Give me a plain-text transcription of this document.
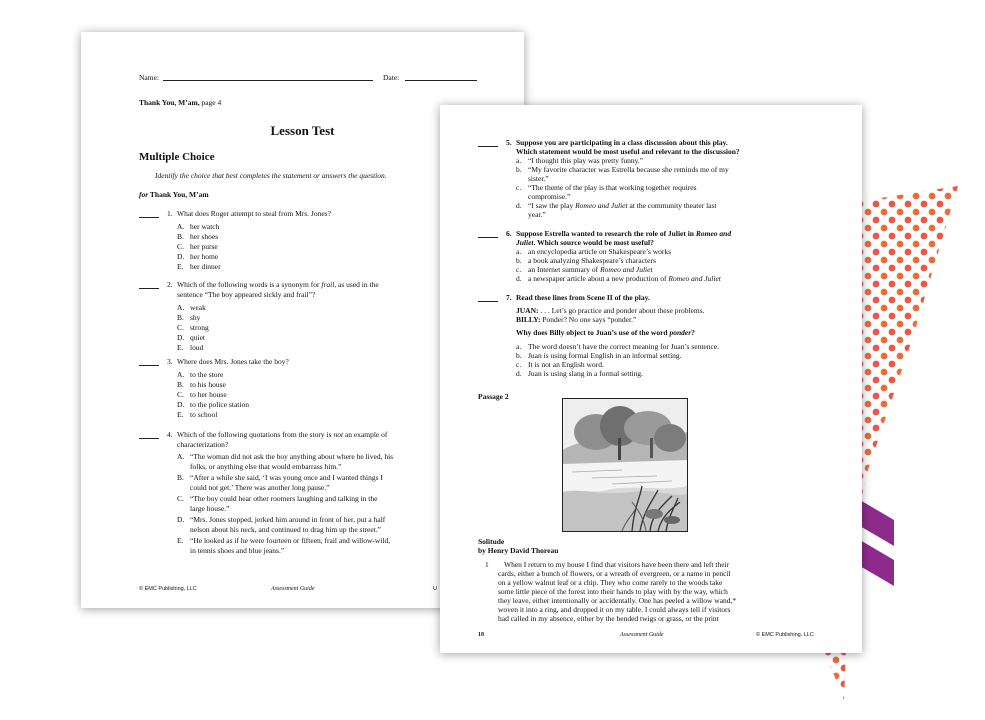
Name:	Date:
Thank You, M’am, page 4
Lesson Test
Multiple Choice
Identify the choice that best completes the statement or answers the question.
for Thank You, M’am
1. What does Roger attempt to steal from Mrs. Jones?
A. her watch
B. her shoes
C. her purse
D. her home
E. her dinner
2. Which of the following words is a synonym for frail, as used in the
sentence “The boy appeared sickly and frail”?
A. weak
B. shy
C. strong
D. quiet
E. loud
3. Where does Mrs. Jones take the boy?
A. to the store
B. to his house
C. to her house
D. to the police station
E. to school
4. Which of the following quotations from the story is not an example of
characterization?
A. “The woman did not ask the boy anything about where he lived, his
folks, or anything else that would embarrass him.”
B. “After a while she said, ‘I was young once and I wanted things I
could not get.’ There was another long pause.”
C. “The boy could hear other roomers laughing and talking in the
large house.”
D. “Mrs. Jones stopped, jerked him around in front of her, put a half
nelson about his neck, and continued to drag him up the street.”
E. “He looked as if he were fourteen or fifteen, frail and willow-wild,
in tennis shoes and blue jeans.”
© EMC Publishing, LLC	Assessment Guide	U
5. Suppose you are participating in a class discussion about this play.
Which statement would be most useful and relevant to the discussion?
a. “I thought this play was pretty funny.”
b. “My favorite character was Estrella because she reminds me of my
sister.”
c. “The theme of the play is that working together requires
compromise.”
d. “I saw the play Romeo and Juliet at the community theater last
year.”
6. Suppose Estrella wanted to research the role of Juliet in Romeo and
Juliet. Which source would be most useful?
a. an encyclopedia article on Shakespeare’s works
b. a book analyzing Shakespeare’s characters
c. an Internet summary of Romeo and Juliet
d. a newspaper article about a new production of Romeo and Juliet
7. Read these lines from Scene II of the play.
JUAN: . . . Let’s go practice and ponder about these problems.
BILLY: Ponder? No one says “ponder.”
Why does Billy object to Juan’s use of the word ponder?
a. The word doesn’t have the correct meaning for Juan’s sentence.
b. Juan is using formal English in an informal setting.
c. It is not an English word.
d. Juan is using slang in a formal setting.
Passage 2
Solitude
by Henry David Thoreau
1 When I return to my house I find that visitors have been there and left their
cards, either a bunch of flowers, or a wreath of evergreen, or a name in pencil
on a yellow walnut leaf or a chip. They who come rarely to the woods take
some little piece of the forest into their hands to play with by the way, which
they leave, either intentionally or accidentally. One has peeled a willow wand,*
woven it into a ring, and dropped it on my table. I could always tell if visitors
had called in my absence, either by the bended twigs or grass, or the print
18	Assessment Guide	© EMC Publishing, LLC
